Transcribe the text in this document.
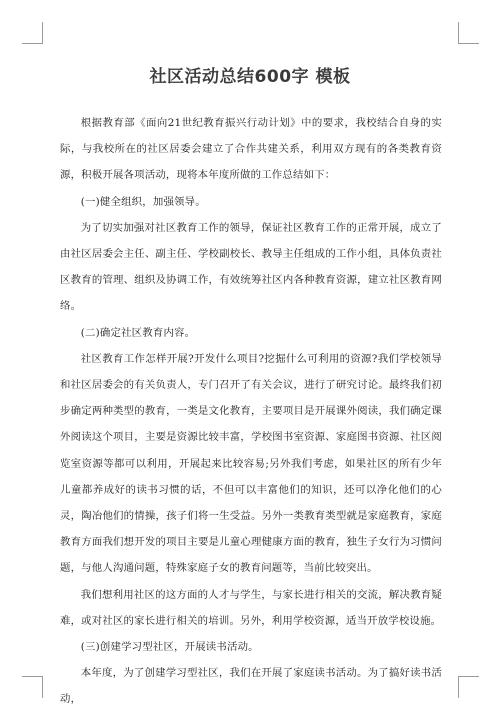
社区活动总结600字 模板

根据教育部《面向21世纪教育振兴行动计划》中的要求，我校结合自身的实际，与我校所在的社区居委会建立了合作共建关系，利用双方现有的各类教育资源，积极开展各项活动，现将本年度所做的工作总结如下：

(一)健全组织，加强领导。

为了切实加强对社区教育工作的领导，保证社区教育工作的正常开展，成立了由社区居委会主任、副主任、学校副校长、教导主任组成的工作小组，具体负责社区教育的管理、组织及协调工作，有效统筹社区内各种教育资源，建立社区教育网络。

(二)确定社区教育内容。

社区教育工作怎样开展?开发什么项目?挖掘什么可利用的资源?我们学校领导和社区居委会的有关负责人，专门召开了有关会议，进行了研究讨论。最终我们初步确定两种类型的教育，一类是文化教育，主要项目是开展课外阅读，我们确定课外阅读这个项目，主要是资源比较丰富，学校图书室资源、家庭图书资源、社区阅览室资源等都可以利用，开展起来比较容易;另外我们考虑，如果社区的所有少年儿童都养成好的读书习惯的话，不但可以丰富他们的知识，还可以净化他们的心灵，陶冶他们的情操，孩子们将一生受益。另外一类教育类型就是家庭教育，家庭教育方面我们想开发的项目主要是儿童心理健康方面的教育，独生子女行为习惯问题，与他人沟通问题，特殊家庭子女的教育问题等，当前比较突出。

我们想利用社区的这方面的人才与学生，与家长进行相关的交流，解决教育疑难，或对社区的家长进行相关的培训。另外，利用学校资源，适当开放学校设施。

(三)创建学习型社区，开展读书活动。

本年度，为了创建学习型社区，我们在开展了家庭读书活动。为了搞好读书活动，
